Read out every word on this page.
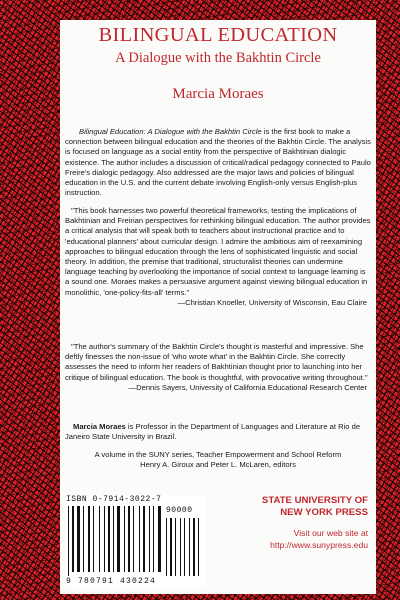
BILINGUAL EDUCATION
A Dialogue with the Bakhtin Circle
Marcia Moraes

Bilingual Education: A Dialogue with the Bakhtin Circle is the first book to make a connection between bilingual education and the theories of the Bakhtin Circle. The analysis is focused on language as a social entity from the perspective of Bakhtinian dialogic existence. The author includes a discussion of critical/radical pedagogy connected to Paulo Freire's dialogic pedagogy. Also addressed are the major laws and policies of bilingual education in the U.S. and the current debate involving English-only versus English-plus instruction.

"This book harnesses two powerful theoretical frameworks, testing the implications of Bakhtinian and Freirian perspectives for rethinking bilingual education. The author provides a critical analysis that will speak both to teachers about instructional practice and to 'educational planners' about curricular design. I admire the ambitious aim of reexamining approaches to bilingual education through the lens of sophisticated linguistic and social theory. In addition, the premise that traditional, structuralist theories can undermine language teaching by overlooking the importance of social context to language learning is a sound one. Moraes makes a persuasive argument against viewing bilingual education in monolithic, 'one-policy-fits-all' terms."

—Christian Knoeller, University of Wisconsin, Eau Claire

"The author's summary of the Bakhtin Circle's thought is masterful and impressive. She deftly finesses the non-issue of 'who wrote what' in the Bakhtin Circle. She correctly assesses the need to inform her readers of Bakhtinian thought prior to launching into her critique of bilingual education. The book is thoughtful, with provocative writing throughout."

—Dennis Sayers, University of California Educational Research Center

Marcia Moraes is Professor in the Department of Languages and Literature at Rio de Janeiro State University in Brazil.

A volume in the SUNY series, Teacher Empowerment and School Reform

Henry A. Giroux and Peter L. McLaren, editors

ISBN 0-7914-3022-7
90000
9 780791 430224
STATE UNIVERSITY OF
NEW YORK PRESS
Visit our web site at
http://www.sunypress.edu
